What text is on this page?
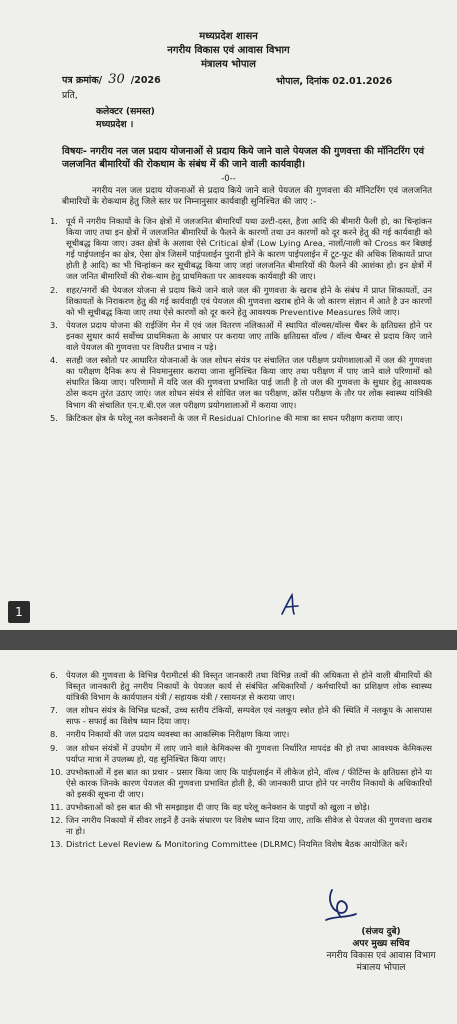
मध्यप्रदेश शासन
नगरीय विकास एवं आवास विभाग
मंत्रालय भोपाल
पत्र क्रमांक/ 30 /2026	भोपाल, दिनांक 02.01.2026
प्रति,
कलेक्टर (समस्त)
मध्यप्रदेश ।
विषयः- नगरीय नल जल प्रदाय योजनाओं से प्रदाय किये जाने वाले पेयजल की गुणवत्ता की मॉनिटरिंग एवं जलजनित बीमारियों की रोकथाम के संबंध में की जाने वाली कार्यवाही।
-0--
नगरीय नल जल प्रदाय योजनाओं से प्रदाय किये जाने वाले पेयजल की गुणवत्ता की मॉनिटरिंग एवं जलजनित बीमारियों के रोकथाम हेतु जिले स्तर पर निम्नानुसार कार्यवाही सुनिश्चित की जाए :-
1. पूर्व में नगरीय निकायों के जिन क्षेत्रों में जलजनित बीमारियाँ यथा उल्टी-दस्त, हैजा आदि की बीमारी फैली हो, का चिन्हांकन किया जाए तथा इन क्षेत्रों में जलजनित बीमारियों के फैलने के कारणों तथा उन कारणों को दूर करने हेतु की गई कार्यवाही को सूचीबद्ध किया जाए। उक्त क्षेत्रों के अलावा ऐसे Critical क्षेत्रों (Low Lying Area, नालों/नाली को Cross कर बिछाई गई पाईपलाईन का क्षेत्र, ऐसा क्षेत्र जिसमें पाईपलाईन पुरानी होने के कारण पाईपलाईन में टूट-फूट की अधिक शिकायतें प्राप्त होती है आदि) का भी चिन्हांकन कर सूचीबद्ध किया जाए जहां जलजनित बीमारियों की फैलने की आशंका हो। इन क्षेत्रों में जल जनित बीमारियों की रोक-थाम हेतु प्राथमिकता पर आवश्यक कार्यवाही की जाए।
2. शहर/नगरों की पेयजल योजना से प्रदाय किये जाने वाले जल की गुणवत्ता के खराब होने के संबंध में प्राप्त शिकायतों, उन शिकायतों के निराकरण हेतु की गई कार्यवाही एवं पेयजल की गुणवत्ता खराब होने के जो कारण संज्ञान में आते है उन कारणों को भी सूचीबद्ध किया जाए तथा ऐसे कारणों को दूर करने हेतु आवश्यक Preventive Measures लिये जाए।
3. पेयजल प्रदाय योजना की राईजिंग मेन में एवं जल वितरण नलिकाओं में स्थापित वॉल्वस/वॉल्स चैंबर के क्षतिग्रस्त होने पर इनका सुधार कार्य सर्वोच्च प्राथमिकता के आधार पर कराया जाए ताकि क्षतिग्रस्त वॉल्व / वॉल्व चैम्बर से प्रदाय किए जाने वाले पेयजल की गुणवत्ता पर विपरीत प्रभाव न पड़े।
4. सतही जल स्त्रोतो पर आधारित योजनाओं के जल शोधन संयंत्र पर संचालित जल परीक्षण प्रयोगशालाओं में जल की गुणवत्ता का परीक्षण दैनिक रूप से नियमानुसार कराया जाना सुनिश्चित किया जाए तथा परीक्षण में पाए जाने वाले परिणामों को संधारित किया जाए। परिणामों में यदि जल की गुणवत्ता प्रभावित पाई जाती है तो जल की गुणवत्ता के सुधार हेतु आवश्यक ठोस कदम तुरंत उठाए जाएं। जल शोधन संयंत्र से शोधित जल का परीक्षण, क्रॉस परीक्षण के तौर पर लोक स्वास्थ्य यांत्रिकी विभाग की संचालित एन.ए.बी.एल जल परीक्षण प्रयोगशालाओं में कराया जाए।
5. क्रिटिकल क्षेत्र के घरेलू नल कनेक्शनों के जल में Residual Chlorine की मात्रा का सघन परीक्षण कराया जाए।
1
6. पेयजल की गुणवत्ता के विभिन्न पैरामीटर्स की विस्तृत जानकारी तथा विभिन्न तत्वों की अधिकता से होने वाली बीमारियों की विस्तृत जानकारी हेतु नगरीय निकायों के पेयजल कार्य से संबंधित अधिकारियों / कर्मचारियों का प्रशिक्षण लोक स्वास्थ्य यांत्रिकी विभाग के कार्यपालन यंत्री / सहायक यंत्री / रसायनज्ञ से कराया जाए।
7. जल शोधन संयंत्र के विभिन्न घटकों, उच्च स्तरीय टंकियों, सम्पवेल एवं नलकूप स्त्रोत होने की स्थिति में नलकूप के आसपास साफ - सफाई का विशेष ध्यान दिया जाए।
8. नगरीय निकायों की जल प्रदाय व्यवस्था का आकस्मिक निरीक्षण किया जाए।
9. जल शोधन संयंत्रों में उपयोग में लाए जाने वाले केमिकल्स की गुणवत्ता निर्धारित मापदंड की हो तथा आवश्यक केमिकल्स पर्याप्त मात्रा में उपलब्ध हो, यह सुनिश्चित किया जाए।
10. उपभोक्ताओं में इस बात का प्रचार - प्रसार किया जाए कि पाईपलाईन में लीकेज होने, वॉल्व / फीटिंग्स के क्षतिग्रस्त होने या ऐसे कारक जिनके कारण पेयजल की गुणवत्ता प्रभावित होती है, की जानकारी प्राप्त होने पर नगरीय निकायों के अधिकारियों को इसकी सूचना दी जाए।
11. उपभोक्ताओं को इस बात की भी समझाइश दी जाए कि वह घरेलू कनेक्शन के पाइपों को खुला न छोड़े।
12. जिन नगरीय निकायों में सीवर लाइनें हैं उनके संधारण पर विशेष ध्यान दिया जाए, ताकि सीवेज से पेयजल की गुणवत्ता खराब ना हो।
13. District Level Review & Monitoring Committee (DLRMC) नियमित विशेष बैठक आयोजित करें।
(संजय दुबे)
अपर मुख्य सचिव
नगरीय विकास एवं आवास विभाग
मंत्रालय भोपाल
